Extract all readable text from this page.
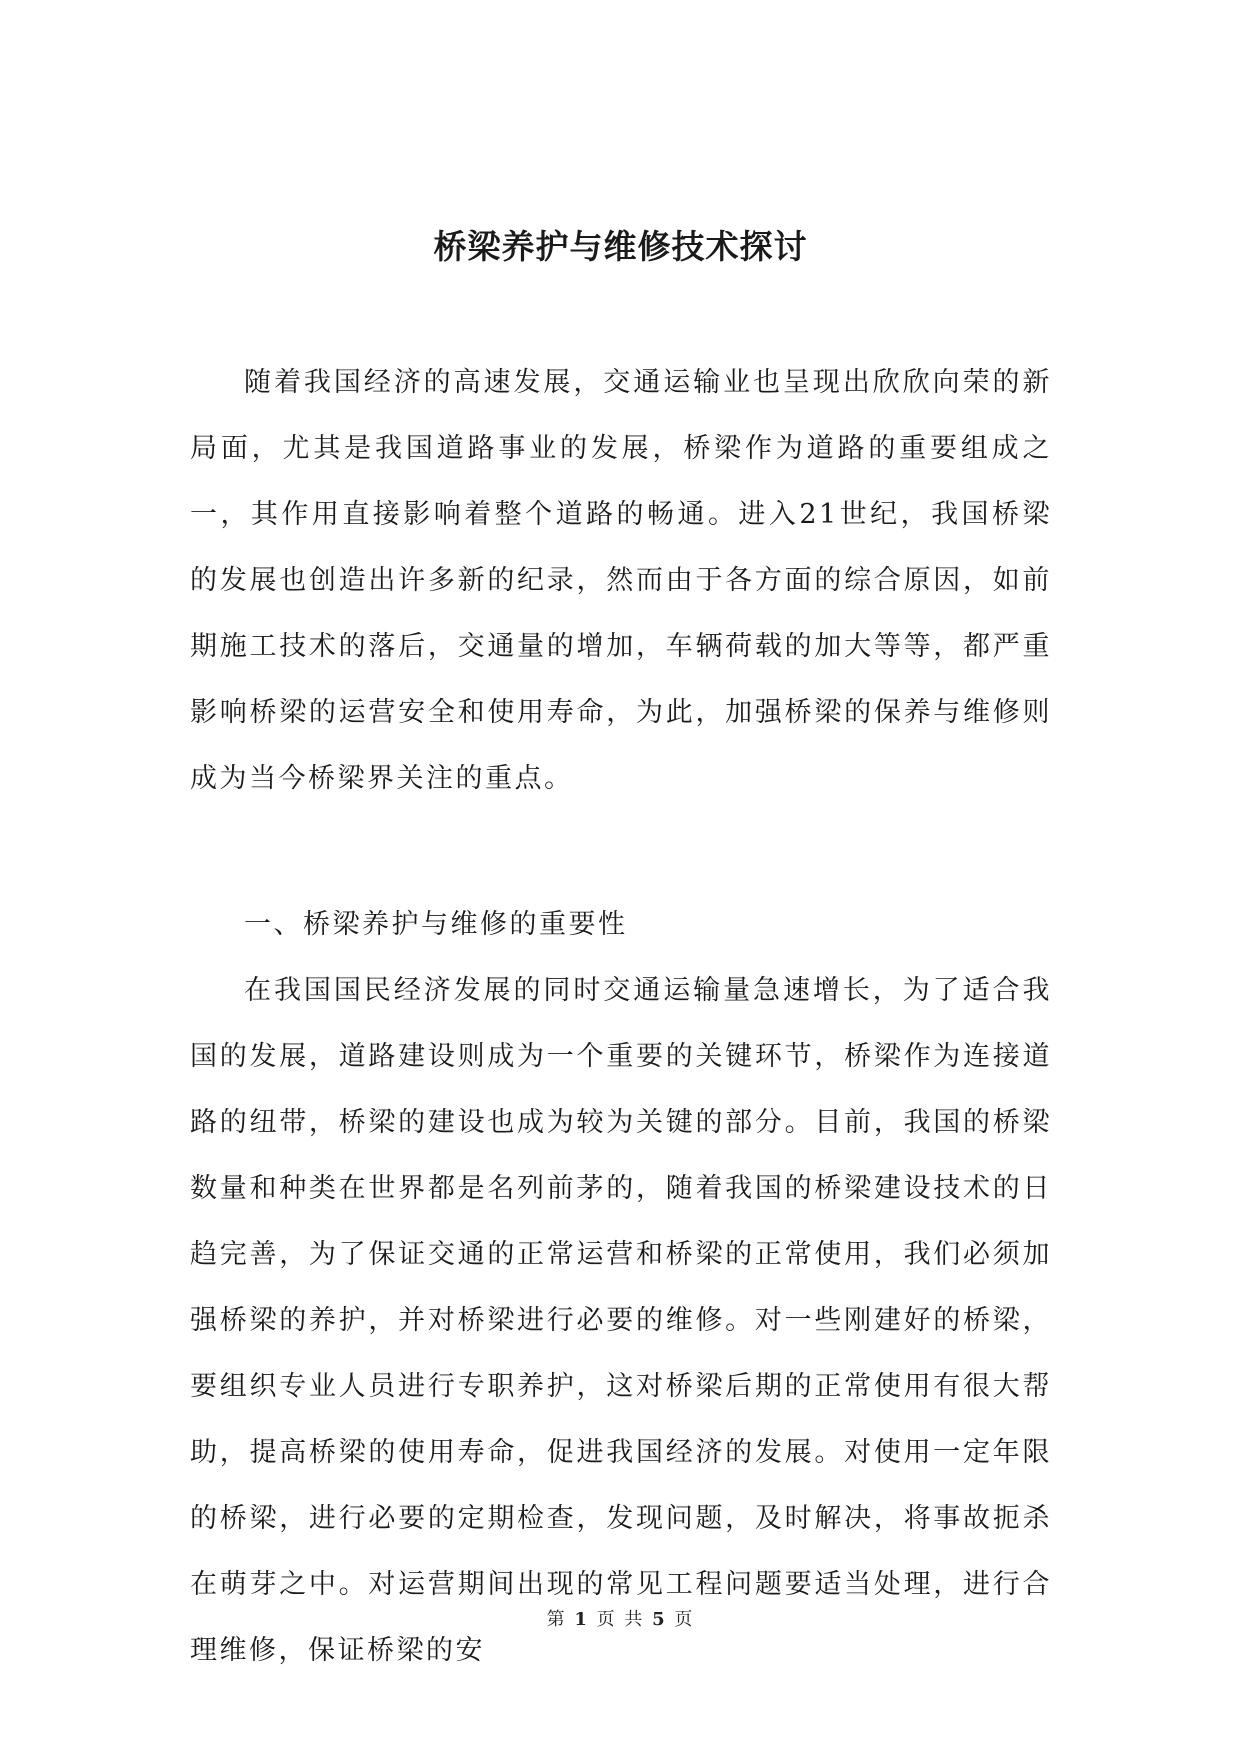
桥梁养护与维修技术探讨

随着我国经济的高速发展，交通运输业也呈现出欣欣向荣的新局面，尤其是我国道路事业的发展，桥梁作为道路的重要组成之一，其作用直接影响着整个道路的畅通。进入21世纪，我国桥梁的发展也创造出许多新的纪录，然而由于各方面的综合原因，如前期施工技术的落后，交通量的增加，车辆荷载的加大等等，都严重影响桥梁的运营安全和使用寿命，为此，加强桥梁的保养与维修则成为当今桥梁界关注的重点。

一、桥梁养护与维修的重要性

在我国国民经济发展的同时交通运输量急速增长，为了适合我国的发展，道路建设则成为一个重要的关键环节，桥梁作为连接道路的纽带，桥梁的建设也成为较为关键的部分。目前，我国的桥梁数量和种类在世界都是名列前茅的，随着我国的桥梁建设技术的日趋完善，为了保证交通的正常运营和桥梁的正常使用，我们必须加强桥梁的养护，并对桥梁进行必要的维修。对一些刚建好的桥梁，要组织专业人员进行专职养护，这对桥梁后期的正常使用有很大帮助，提高桥梁的使用寿命，促进我国经济的发展。对使用一定年限的桥梁，进行必要的定期检查，发现问题，及时解决，将事故扼杀在萌芽之中。对运营期间出现的常见工程问题要适当处理，进行合理维修，保证桥梁的安

第 1 页 共 5 页
